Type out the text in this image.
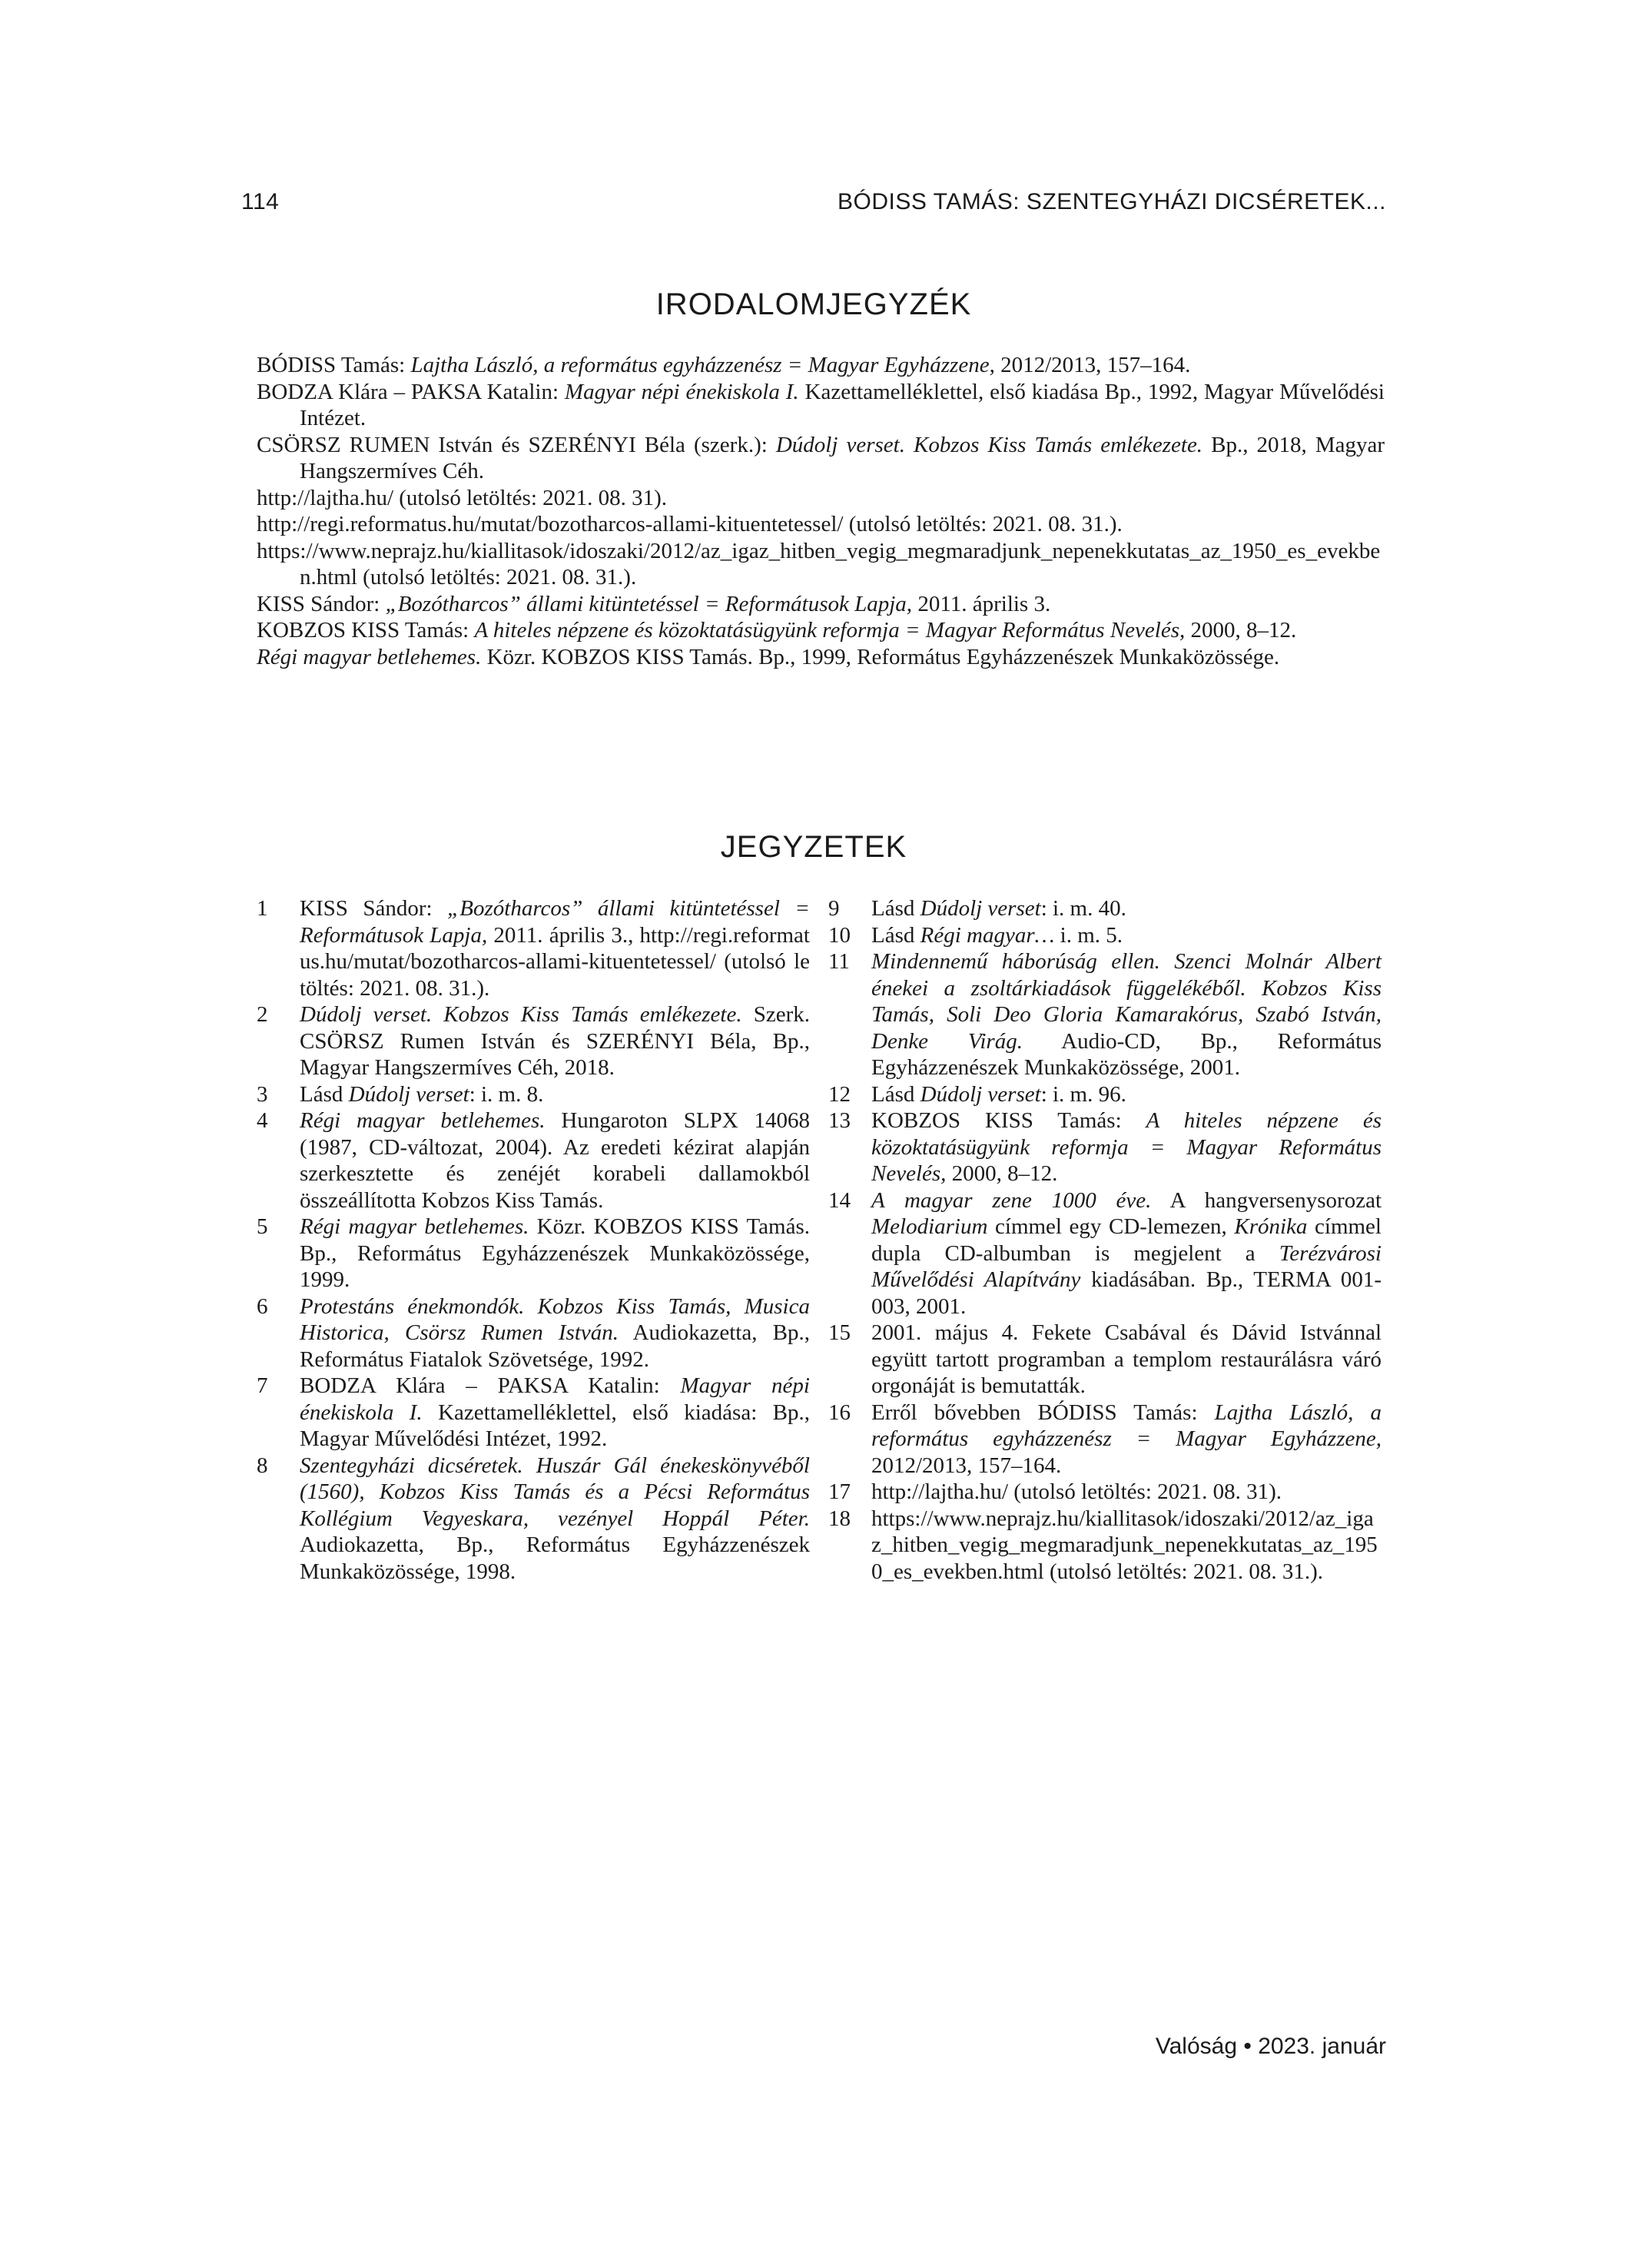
114	BÓDISS TAMÁS: SZENTEGYHÁZI DICSÉRETEK...
IRODALOMJEGYZÉK
BÓDISS Tamás: Lajtha László, a református egyházzenész = Magyar Egyházzene, 2012/2013, 157–164.
BODZA Klára – PAKSA Katalin: Magyar népi énekiskola I. Kazettamelléklettel, első kiadása Bp., 1992, Magyar Művelődési Intézet.
CSÖRSZ RUMEN István és SZERÉNYI Béla (szerk.): Dúdolj verset. Kobzos Kiss Tamás emlékezete. Bp., 2018, Magyar Hangszermíves Céh.
http://lajtha.hu/ (utolsó letöltés: 2021. 08. 31).
http://regi.reformatus.hu/mutat/bozotharcos-allami-kituentetessel/ (utolsó letöltés: 2021. 08. 31.).
https://www.neprajz.hu/kiallitasok/idoszaki/2012/az_igaz_hitben_vegig_megmaradjunk_nepenekkutatas_az_1950_es_evekben.html (utolsó letöltés: 2021. 08. 31.).
KISS Sándor: „Bozótharcos” állami kitüntetéssel = Reformátusok Lapja, 2011. április 3.
KOBZOS KISS Tamás: A hiteles népzene és közoktatásügyünk reformja = Magyar Református Nevelés, 2000, 8–12.
Régi magyar betlehemes. Közr. KOBZOS KISS Tamás. Bp., 1999, Református Egyházzenészek Munkaközössége.
JEGYZETEK
1	KISS Sándor: „Bozótharcos” állami kitüntetéssel = Reformátusok Lapja, 2011. április 3., http://regi.reformatus.hu/mutat/bozotharcos-allami-kituentetessel/ (utolsó letöltés: 2021. 08. 31.).
2	Dúdolj verset. Kobzos Kiss Tamás emlékezete. Szerk. CSÖRSZ Rumen István és SZERÉNYI Béla, Bp., Magyar Hangszermíves Céh, 2018.
3	Lásd Dúdolj verset: i. m. 8.
4	Régi magyar betlehemes. Hungaroton SLPX 14068 (1987, CD-változat, 2004). Az eredeti kézirat alapján szerkesztette és zenéjét korabeli dallamokból összeállította Kobzos Kiss Tamás.
5	Régi magyar betlehemes. Közr. KOBZOS KISS Tamás. Bp., Református Egyházzenészek Munkaközössége, 1999.
6	Protestáns énekmondók. Kobzos Kiss Tamás, Musica Historica, Csörsz Rumen István. Audiokazetta, Bp., Református Fiatalok Szövetsége, 1992.
7	BODZA Klára – PAKSA Katalin: Magyar népi énekiskola I. Kazettamelléklettel, első kiadása: Bp., Magyar Művelődési Intézet, 1992.
8	Szentegyházi dicséretek. Huszár Gál énekeskönyvéből (1560), Kobzos Kiss Tamás és a Pécsi Református Kollégium Vegyeskara, vezényel Hoppál Péter. Audiokazetta, Bp., Református Egyházzenészek Munkaközössége, 1998.
9	Lásd Dúdolj verset: i. m. 40.
10 Lásd Régi magyar… i. m. 5.
11 Mindennemű háborúság ellen. Szenci Molnár Albert énekei a zsoltárkiadások függelékéből. Kobzos Kiss Tamás, Soli Deo Gloria Kamarakórus, Szabó István, Denke Virág. Audio-CD, Bp., Református Egyházzenészek Munkaközössége, 2001.
12 Lásd Dúdolj verset: i. m. 96.
13 KOBZOS KISS Tamás: A hiteles népzene és közoktatásügyünk reformja = Magyar Református Nevelés, 2000, 8–12.
14 A magyar zene 1000 éve. A hangversenysorozat Melodiarium címmel egy CD-lemezen, Krónika címmel dupla CD-albumban is megjelent a Terézvárosi Művelődési Alapítvány kiadásában. Bp., TERMA 001-003, 2001.
15 2001. május 4. Fekete Csabával és Dávid Istvánnal együtt tartott programban a templom restaurálásra váró orgonáját is bemutatták.
16 Erről bővebben BÓDISS Tamás: Lajtha László, a református egyházzenész = Magyar Egyházzene, 2012/2013, 157–164.
17 http://lajtha.hu/ (utolsó letöltés: 2021. 08. 31).
18 https://www.neprajz.hu/kiallitasok/idoszaki/2012/az_igaz_hitben_vegig_megmaradjunk_nepenekkutatas_az_1950_es_evekben.html (utolsó letöltés: 2021. 08. 31.).
Valóság • 2023. január
